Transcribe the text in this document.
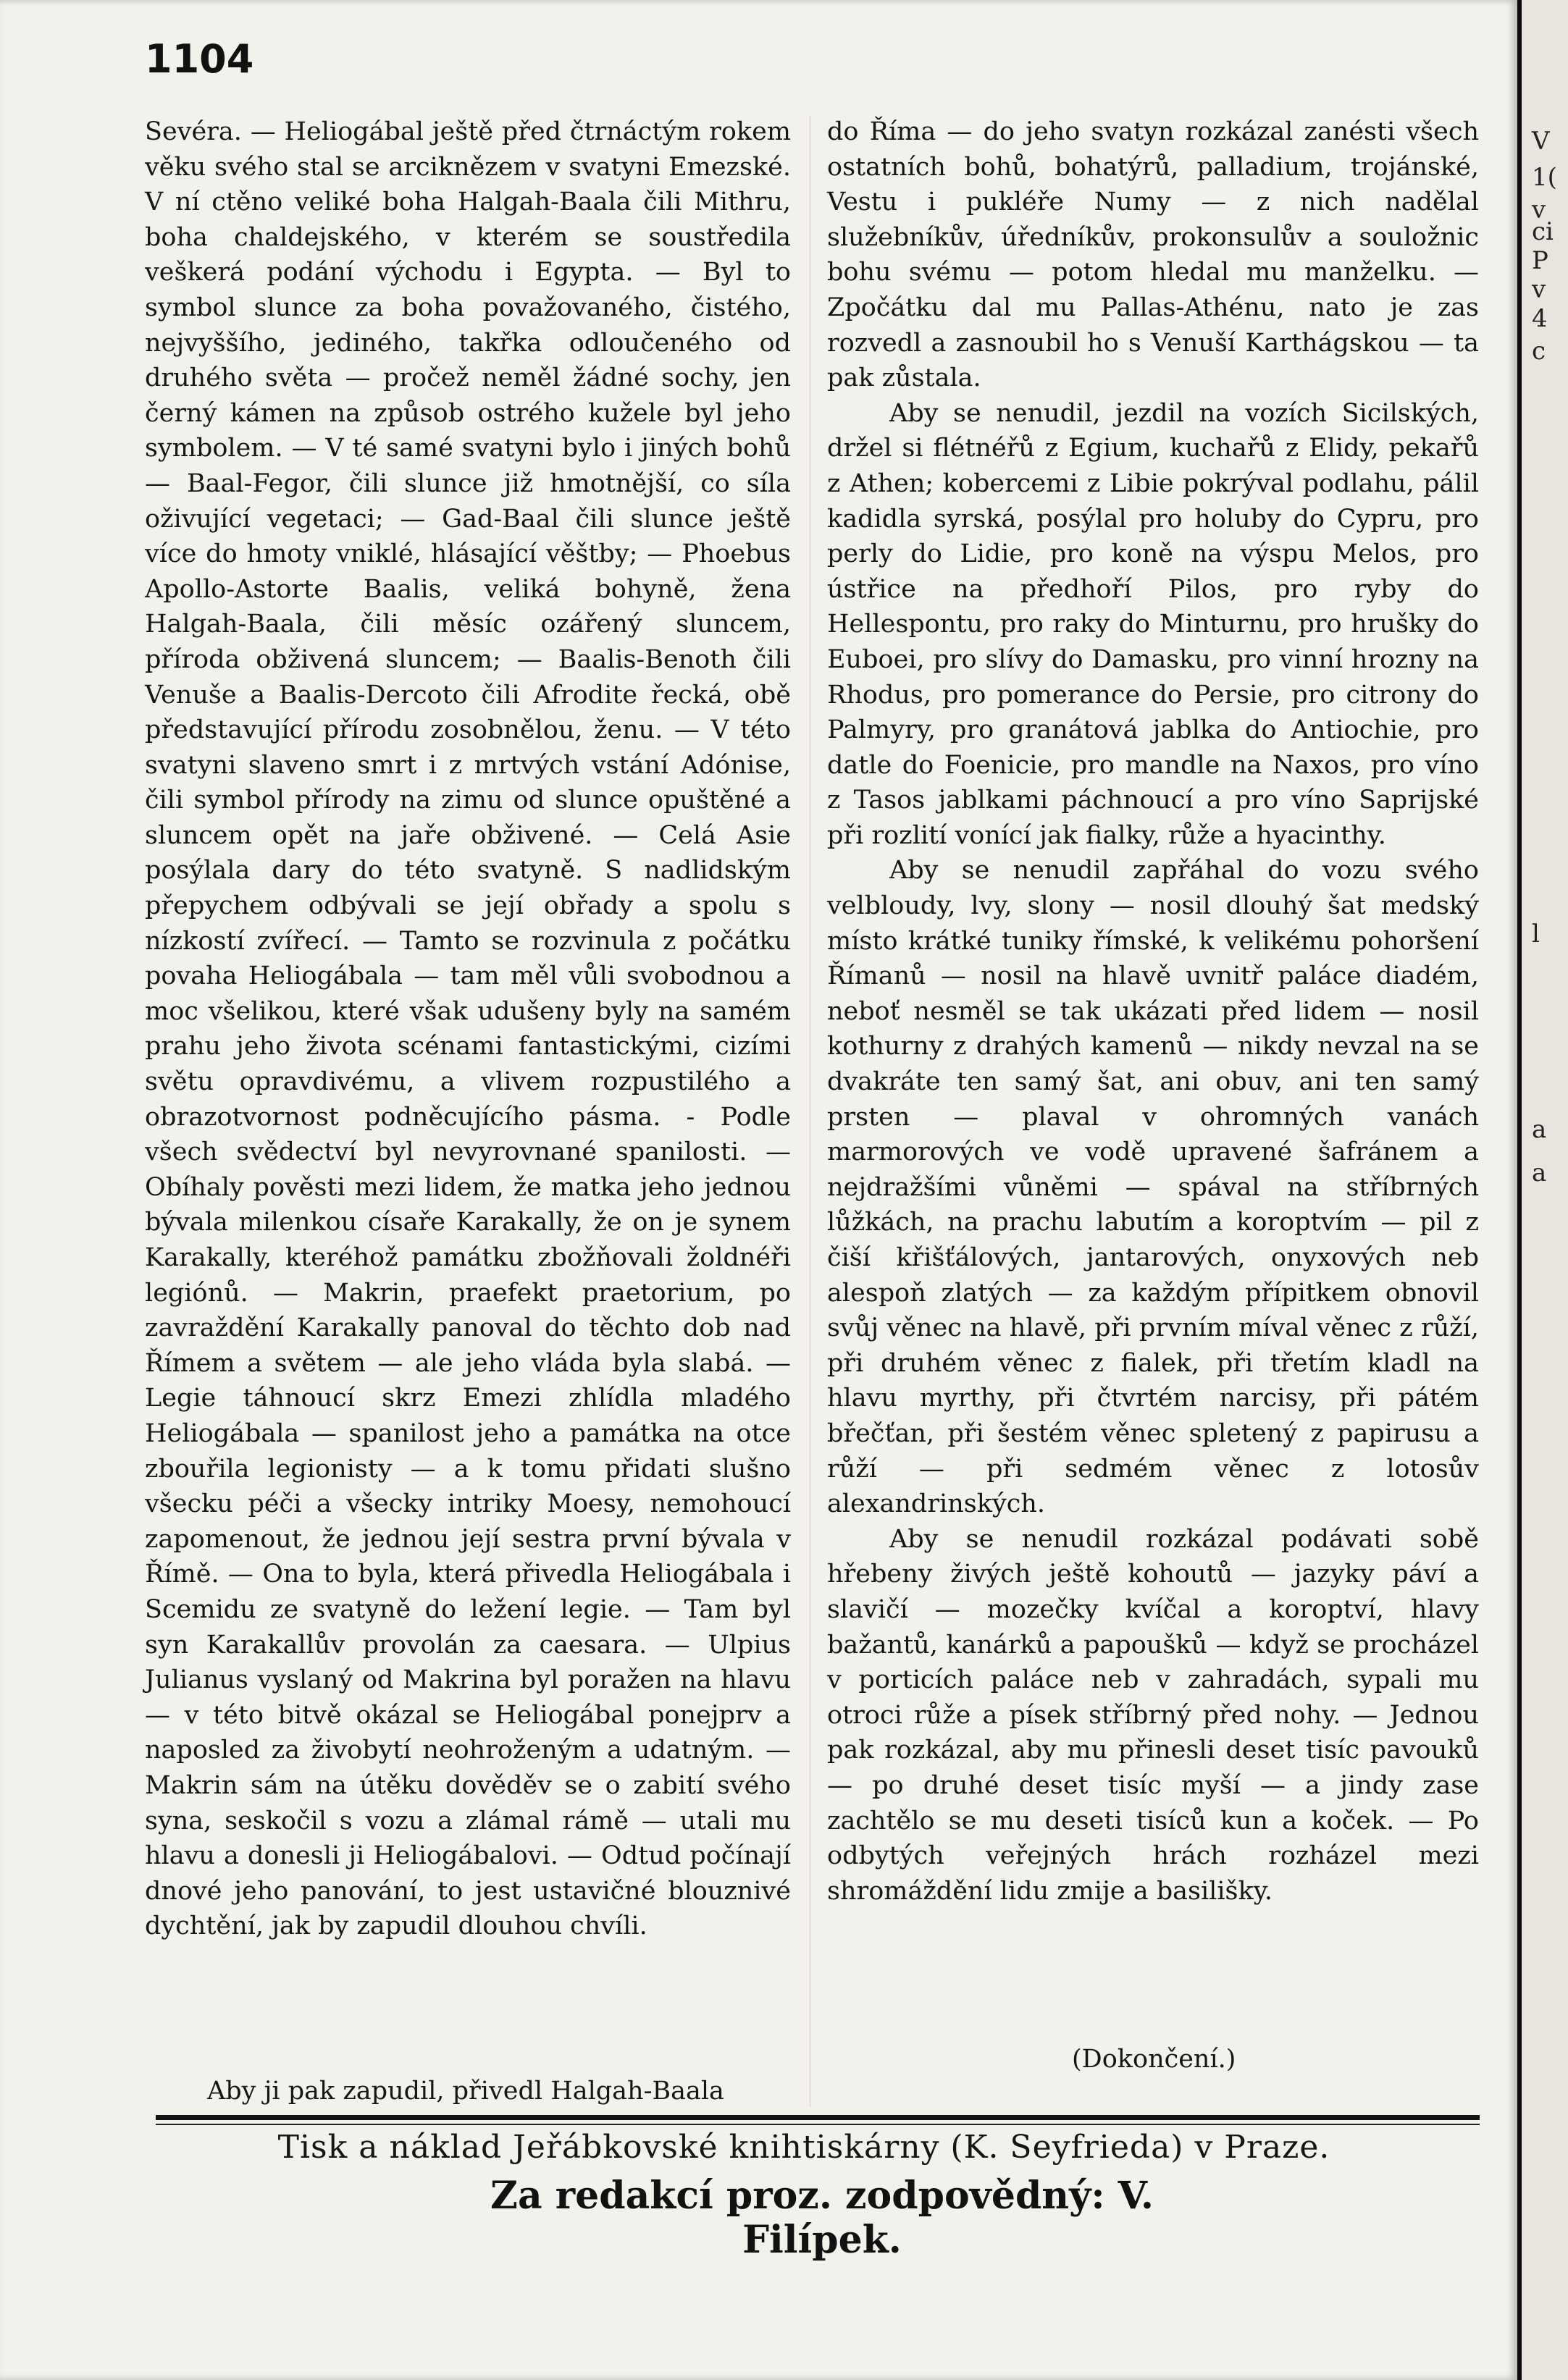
1104

Sevéra. — Heliogábal ještě před čtrnáctým rokem věku svého stal se arciknězem v svatyni Emezské. V ní ctěno veliké boha Halgah-Baala čili Mithru, boha chaldejského, v kterém se soustředila veškerá podání východu i Egypta. — Byl to symbol slunce za boha považovaného, čistého, nejvyššího, jediného, takřka odloučeného od druhého světa — pročež neměl žádné sochy, jen černý kámen na způsob ostrého kužele byl jeho symbolem. — V té samé svatyni bylo i jiných bohů — Baal-Fegor, čili slunce již hmotnější, co síla oživující vegetaci; — Gad-Baal čili slunce ještě více do hmoty vniklé, hlásající věštby; — Phoebus Apollo-Astorte Baalis, veliká bohyně, žena Halgah-Baala, čili měsíc ozářený sluncem, příroda obživená sluncem; — Baalis-Benoth čili Venuše a Baalis-Dercoto čili Afrodite řecká, obě představující přírodu zosobnělou, ženu. — V této svatyni slaveno smrt i z mrtvých vstání Adónise, čili symbol přírody na zimu od slunce opuštěné a sluncem opět na jaře obživené. — Celá Asie posýlala dary do této svatyně. S nadlidským přepychem odbývali se její obřady a spolu s nízkostí zvířecí. — Tamto se rozvinula z počátku povaha Heliogábala — tam měl vůli svobodnou a moc všelikou, které však udušeny byly na samém prahu jeho života scénami fantastickými, cizími světu opravdivému, a vlivem rozpustilého a obrazotvornost podněcujícího pásma. - Podle všech svědectví byl nevyrovnané spanilosti. — Obíhaly pověsti mezi lidem, že matka jeho jednou bývala milenkou císaře Karakally, že on je synem Karakally, kteréhož památku zbožňovali žoldnéři legiónů. — Makrin, praefekt praetorium, po zavraždění Karakally panoval do těchto dob nad Římem a světem — ale jeho vláda byla slabá. — Legie táhnoucí skrz Emezi zhlídla mladého Heliogábala — spanilost jeho a památka na otce zbouřila legionisty — a k tomu přidati slušno všecku péči a všecky intriky Moesy, nemohoucí zapomenout, že jednou její sestra první bývala v Římě. — Ona to byla, která přivedla Heliogábala i Scemidu ze svatyně do ležení legie. — Tam byl syn Karakallův provolán za caesara. — Ulpius Julianus vyslaný od Makrina byl poražen na hlavu — v této bitvě okázal se Heliogábal ponejprv a naposled za živobytí neohroženým a udatným. — Makrin sám na útěku dověděv se o zabití svého syna, seskočil s vozu a zlámal rámě — utali mu hlavu a donesli ji Heliogábalovi. — Odtud počínají dnové jeho panování, to jest ustavičné blouznivé dychtění, jak by zapudil dlouhou chvíli.

Aby ji pak zapudil, přivedl Halgah-Baala

do Říma — do jeho svatyn rozkázal zanésti všech ostatních bohů, bohatýrů, palladium, trojánské, Vestu i pukléře Numy — z nich nadělal služebníkův, úředníkův, prokonsulův a souložnic bohu svému — potom hledal mu manželku. — Zpočátku dal mu Pallas-Athénu, nato je zas rozvedl a zasnoubil ho s Venuší Karthágskou — ta pak zůstala.

Aby se nenudil, jezdil na vozích Sicilských, držel si flétnéřů z Egium, kuchařů z Elidy, pekařů z Athen; kobercemi z Libie pokrýval podlahu, pálil kadidla syrská, posýlal pro holuby do Cypru, pro perly do Lidie, pro koně na výspu Melos, pro ústřice na předhoří Pilos, pro ryby do Hellespontu, pro raky do Minturnu, pro hrušky do Euboei, pro slívy do Damasku, pro vinní hrozny na Rhodus, pro pomerance do Persie, pro citrony do Palmyry, pro granátová jablka do Antiochie, pro datle do Foenicie, pro mandle na Naxos, pro víno z Tasos jablkami páchnoucí a pro víno Saprijské při rozlití vonící jak fialky, růže a hyacinthy.

Aby se nenudil zapřáhal do vozu svého velbloudy, lvy, slony — nosil dlouhý šat medský místo krátké tuniky římské, k velikému pohoršení Římanů — nosil na hlavě uvnitř paláce diadém, neboť nesměl se tak ukázati před lidem — nosil kothurny z drahých kamenů — nikdy nevzal na se dvakráte ten samý šat, ani obuv, ani ten samý prsten — plaval v ohromných vanách marmorových ve vodě upravené šafránem a nejdražšími vůněmi — spával na stříbrných lůžkách, na prachu labutím a koroptvím — pil z čiší křišťálových, jantarových, onyxových neb alespoň zlatých — za každým přípitkem obnovil svůj věnec na hlavě, při prvním míval věnec z růží, při druhém věnec z fialek, při třetím kladl na hlavu myrthy, při čtvrtém narcisy, při pátém břečťan, při šestém věnec spletený z papirusu a růží — při sedmém věnec z lotosův alexandrinských.

Aby se nenudil rozkázal podávati sobě hřebeny živých ještě kohoutů — jazyky páví a slavičí — mozečky kvíčal a koroptví, hlavy bažantů, kanárků a papoušků — když se procházel v porticích paláce neb v zahradách, sypali mu otroci růže a písek stříbrný před nohy. — Jednou pak rozkázal, aby mu přinesli deset tisíc pavouků — po druhé deset tisíc myší — a jindy zase zachtělo se mu deseti tisíců kun a koček. — Po odbytých veřejných hrách rozházel mezi shromáždění lidu zmije a basilišky.

(Dokončení.)
Tisk a náklad Jeřábkovské knihtiskárny (K. Seyfrieda) v Praze.
Za redakcí proz. zodpovědný: V. Filípek.
V
1(
v
ci
P
v
4
c
l
a
a
